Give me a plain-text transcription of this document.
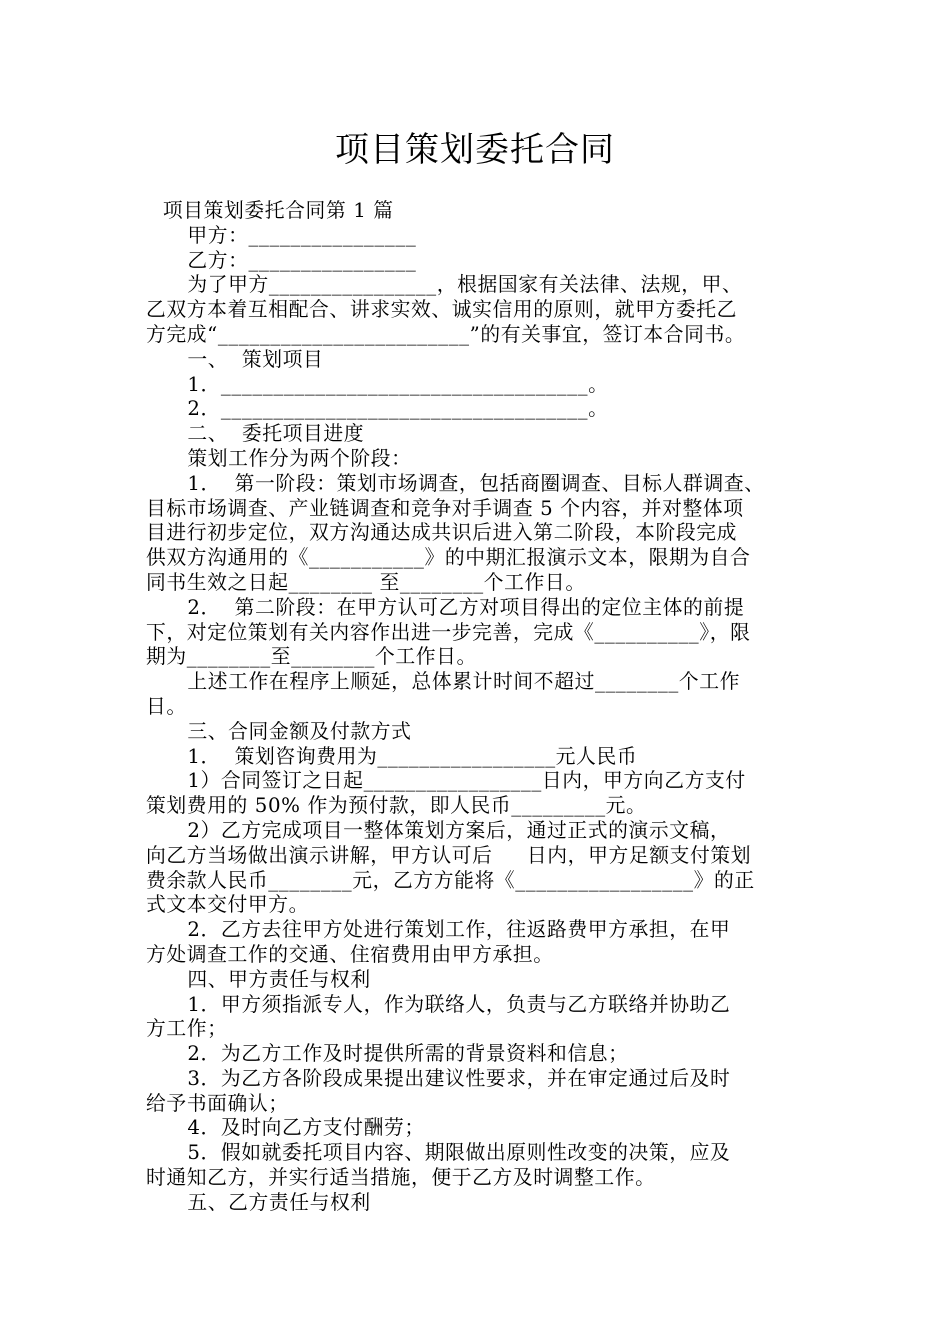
项目策划委托合同
项目策划委托合同第 1 篇
甲方：________________
乙方：________________
为了甲方________________，根据国家有关法律、法规，甲、
乙双方本着互相配合、讲求实效、诚实信用的原则，就甲方委托乙
方完成“________________________”的有关事宜，签订本合同书。
一、  策划项目
1．___________________________________。
2．___________________________________。
二、  委托项目进度
策划工作分为两个阶段：
1．  第一阶段：策划市场调查，包括商圈调查、目标人群调查、
目标市场调查、产业链调查和竞争对手调查 5 个内容，并对整体项
目进行初步定位，双方沟通达成共识后进入第二阶段，本阶段完成
供双方沟通用的《___________》的中期汇报演示文本，限期为自合
同书生效之日起________ 至________个工作日。
2．  第二阶段：在甲方认可乙方对项目得出的定位主体的前提
下，对定位策划有关内容作出进一步完善，完成《__________》，限
期为________至________个工作日。
上述工作在程序上顺延，总体累计时间不超过________个工作
日。
三、合同金额及付款方式
1．  策划咨询费用为_________________元人民币
1）合同签订之日起_________________日内，甲方向乙方支付
策划费用的 50% 作为预付款，即人民币_________元。
2）乙方完成项目一整体策划方案后，通过正式的演示文稿，
向乙方当场做出演示讲解，甲方认可后     日内，甲方足额支付策划
费余款人民币________元，乙方方能将《_________________》的正
式文本交付甲方。
2．乙方去往甲方处进行策划工作，往返路费甲方承担，在甲
方处调查工作的交通、住宿费用由甲方承担。
四、甲方责任与权利
1．甲方须指派专人，作为联络人，负责与乙方联络并协助乙
方工作；
2．为乙方工作及时提供所需的背景资料和信息；
3．为乙方各阶段成果提出建议性要求，并在审定通过后及时
给予书面确认；
4．及时向乙方支付酬劳；
5．假如就委托项目内容、期限做出原则性改变的决策，应及
时通知乙方，并实行适当措施，便于乙方及时调整工作。
五、乙方责任与权利
